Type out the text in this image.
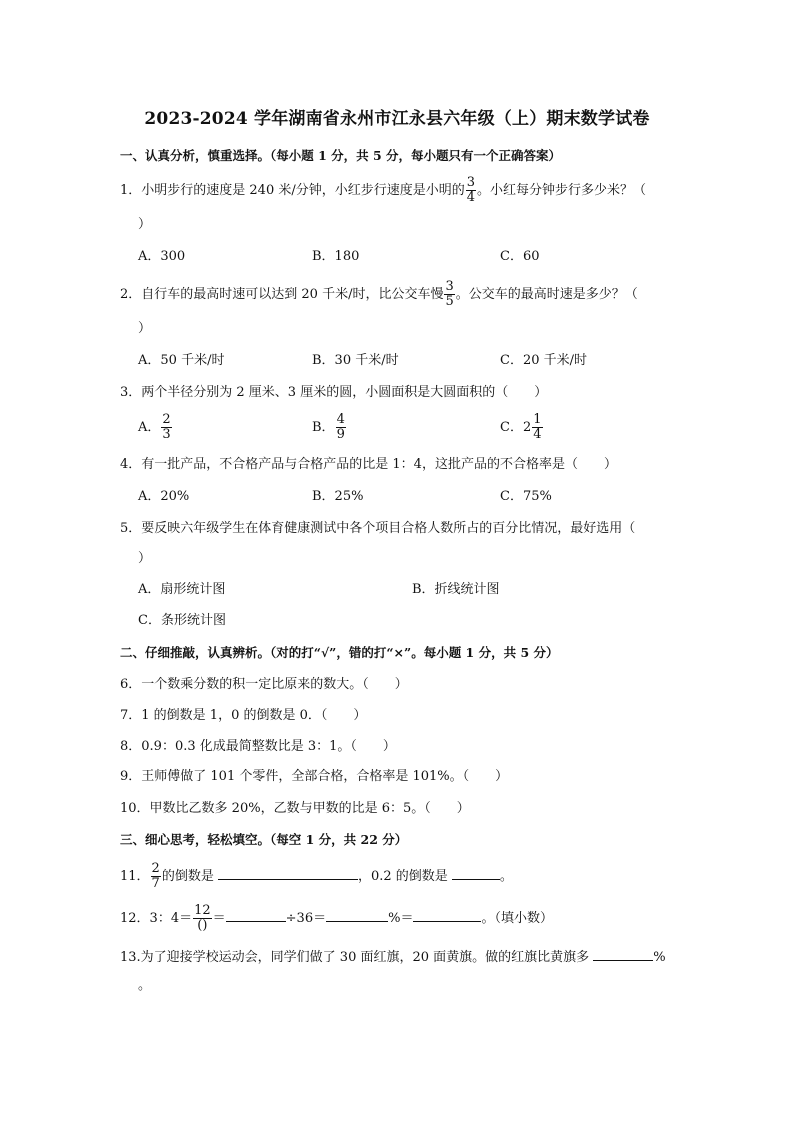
2023-2024 学年湖南省永州市江永县六年级（上）期末数学试卷
一、认真分析，慎重选择。（每小题 1 分，共 5 分，每小题只有一个正确答案）
1．小明步行的速度是 240 米/分钟，小红步行速度是小明的 $\frac{3}{4}$ 。小红每分钟步行多少米？（
）
A．300	B．180	C．60
2．自行车的最高时速可以达到 20 千米/时，比公交车慢 $\frac{3}{5}$ 。公交车的最高时速是多少？（
）
A．50 千米/时	B．30 千米/时	C．20 千米/时
3．两个半径分别为 2 厘米、3 厘米的圆，小圆面积是大圆面积的（　　）
A． $\frac{2}{3}$	B． $\frac{4}{9}$	C．$2 \frac{1}{4}$
4．有一批产品，不合格产品与合格产品的比是 1：4，这批产品的不合格率是（　　）
A．20%	B．25%	C．75%
5．要反映六年级学生在体育健康测试中各个项目合格人数所占的百分比情况，最好选用（
）
A．扇形统计图	B．折线统计图
C．条形统计图
二、仔细推敲，认真辨析。（对的打“√”，错的打“×”。每小题 1 分，共 5 分）
6．一个数乘分数的积一定比原来的数大。（　　）
7．1 的倒数是 1，0 的倒数是 0．（　　）
8．0.9：0.3 化成最简整数比是 3：1。（　　）
9．王师傅做了 101 个零件，全部合格，合格率是 101%。（　　）
10．甲数比乙数多 20%，乙数与甲数的比是 6：5。（　　）
三、细心思考，轻松填空。（每空 1 分，共 22 分）
11． $\frac{2}{7}$ 的倒数是	，0.2 的倒数是	。
12．3：$4= \frac{12}{()}$ ＝	÷36＝	%＝	。（填小数）
13.为了迎接学校运动会，同学们做了 30 面红旗，20 面黄旗。做的红旗比黄旗多	%
。
